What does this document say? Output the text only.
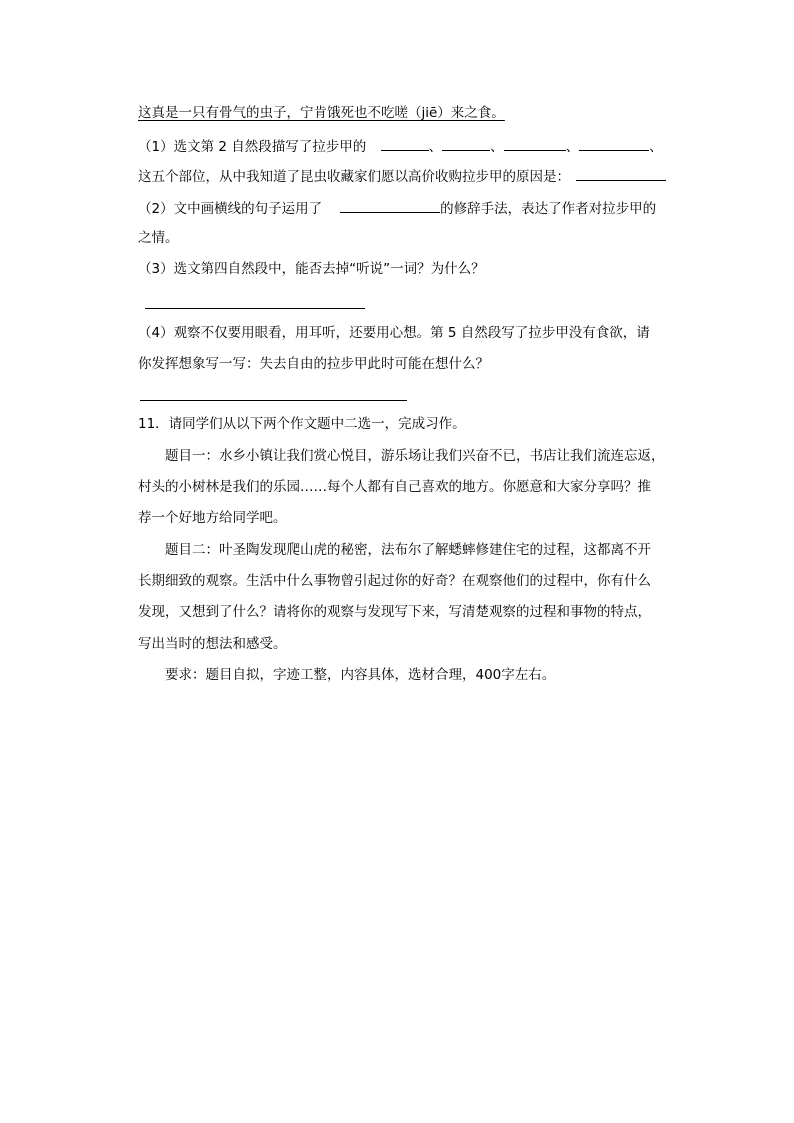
这真是一只有骨气的虫子，宁肯饿死也不吃嗟（jiē）来之食。
（1）选文第 2 自然段描写了拉步甲的	、	、	、	、
这五个部位，从中我知道了昆虫收藏家们愿以高价收购拉步甲的原因是：
（2）文中画横线的句子运用了	的修辞手法，表达了作者对拉步甲的
之情。
（3）选文第四自然段中，能否去掉“听说”一词？为什么？
（4）观察不仅要用眼看，用耳听，还要用心想。第 5 自然段写了拉步甲没有食欲，请
你发挥想象写一写：失去自由的拉步甲此时可能在想什么？
11．请同学们从以下两个作文题中二选一，完成习作。
题目一：水乡小镇让我们赏心悦目，游乐场让我们兴奋不已，书店让我们流连忘返，
村头的小树林是我们的乐园……每个人都有自己喜欢的地方。你愿意和大家分享吗？推
荐一个好地方给同学吧。
题目二：叶圣陶发现爬山虎的秘密，法布尔了解蟋蟀修建住宅的过程，这都离不开
长期细致的观察。生活中什么事物曾引起过你的好奇？在观察他们的过程中，你有什么
发现，又想到了什么？请将你的观察与发现写下来，写清楚观察的过程和事物的特点，
写出当时的想法和感受。
要求：题目自拟，字迹工整，内容具体，选材合理，400字左右。
